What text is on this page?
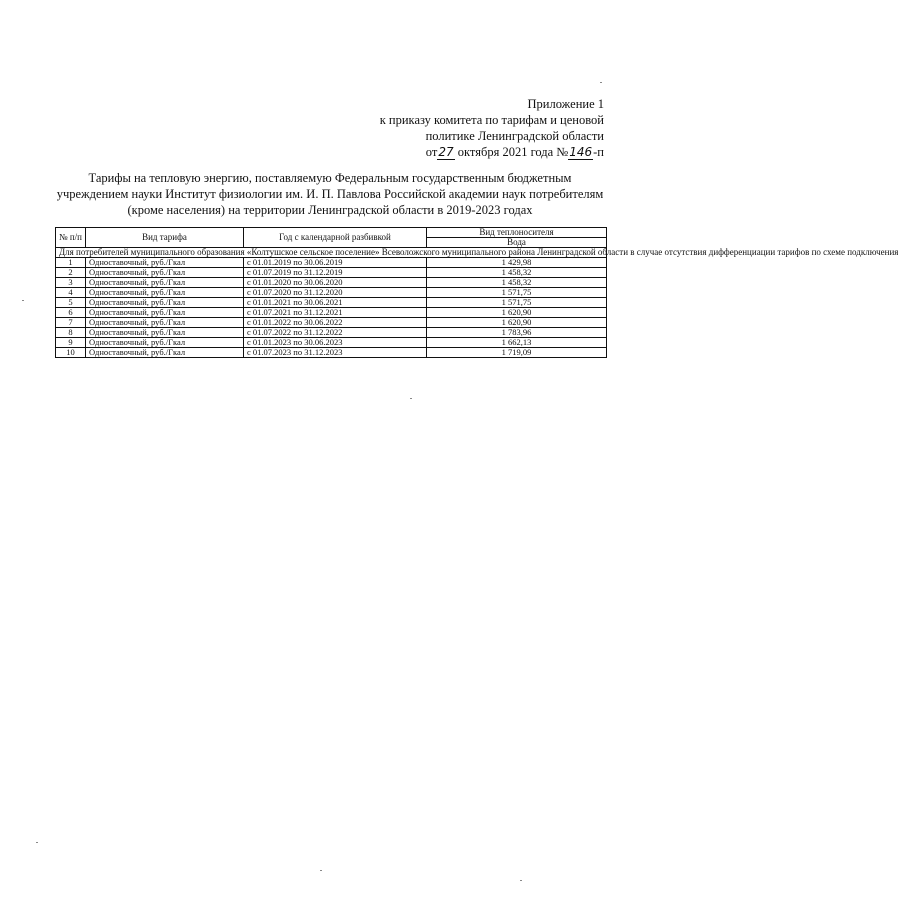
Приложение 1
к приказу комитета по тарифам и ценовой
политике Ленинградской области
от27 октября 2021 года №146-п
Тарифы на тепловую энергию, поставляемую Федеральным государственным бюджетным
учреждением науки Институт физиологии им. И. П. Павлова Российской академии наук потребителям
(кроме населения) на территории Ленинградской области в 2019-2023 годах
№ п/п	Вид тарифа	Год с календарной разбивкой	Вид теплоносителя
			Вода
Для потребителей муниципального образования «Колтушское сельское поселение» Всеволожского муниципального района Ленинградской области в случае отсутствия дифференциации тарифов по схеме подключения			
1	Одноставочный, руб./Гкал	с 01.01.2019 по 30.06.2019	1 429,98
2	Одноставочный, руб./Гкал	с 01.07.2019 по 31.12.2019	1 458,32
3	Одноставочный, руб./Гкал	с 01.01.2020 по 30.06.2020	1 458,32
4	Одноставочный, руб./Гкал	с 01.07.2020 по 31.12.2020	1 571,75
5	Одноставочный, руб./Гкал	с 01.01.2021 по 30.06.2021	1 571,75
6	Одноставочный, руб./Гкал	с 01.07.2021 по 31.12.2021	1 620,90
7	Одноставочный, руб./Гкал	с 01.01.2022 по 30.06.2022	1 620,90
8	Одноставочный, руб./Гкал	с 01.07.2022 по 31.12.2022	1 783,96
9	Одноставочный, руб./Гкал	с 01.01.2023 по 30.06.2023	1 662,13
10	Одноставочный, руб./Гкал	с 01.07.2023 по 31.12.2023	1 719,09
